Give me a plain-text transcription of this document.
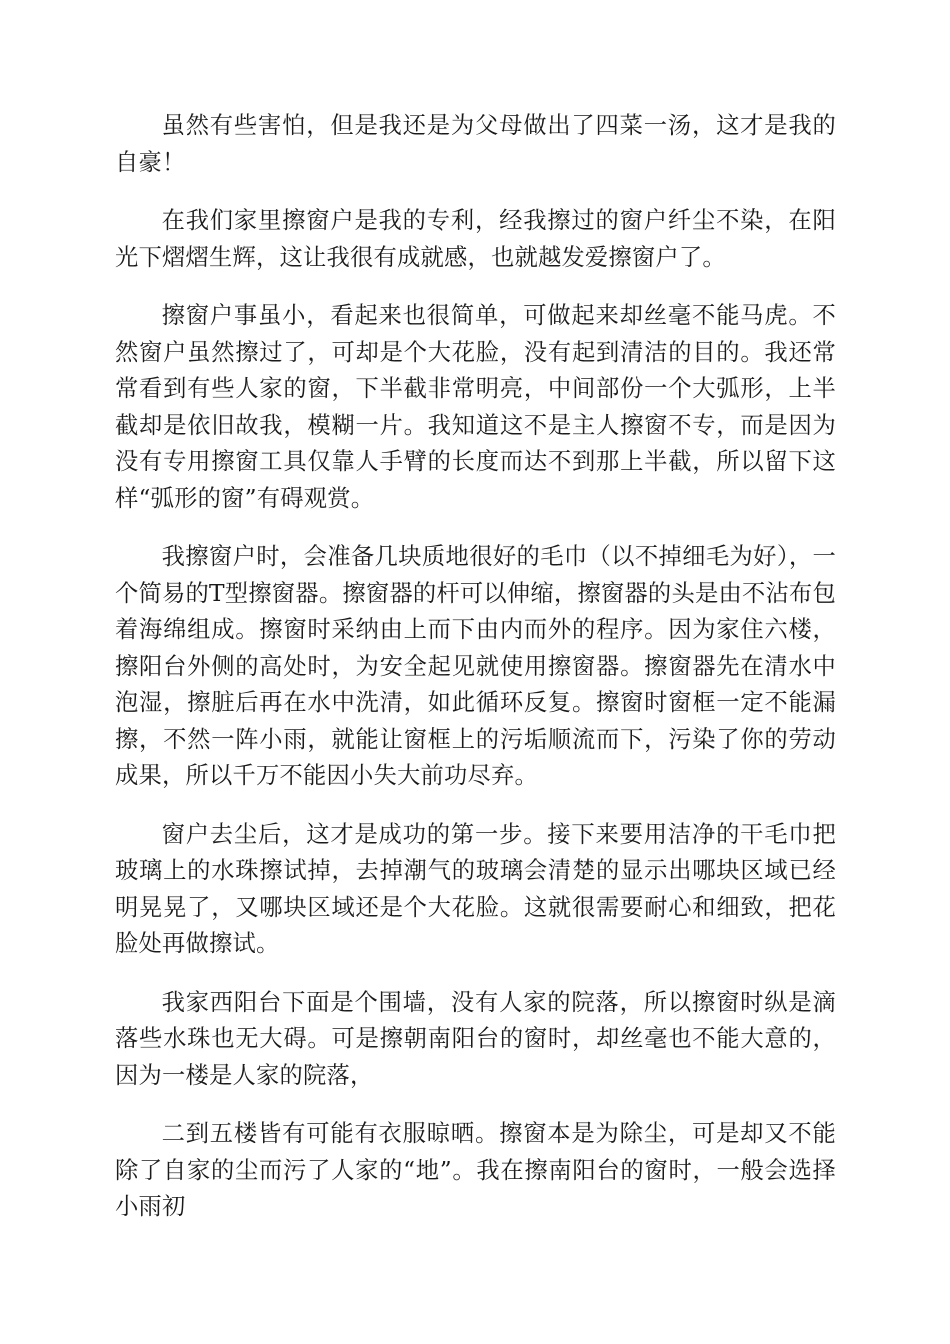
虽然有些害怕，但是我还是为父母做出了四菜一汤，这才是我的自豪！

在我们家里擦窗户是我的专利，经我擦过的窗户纤尘不染，在阳光下熠熠生辉，这让我很有成就感，也就越发爱擦窗户了。

擦窗户事虽小，看起来也很简单，可做起来却丝毫不能马虎。不然窗户虽然擦过了，可却是个大花脸，没有起到清洁的目的。我还常常看到有些人家的窗，下半截非常明亮，中间部份一个大弧形，上半截却是依旧故我，模糊一片。我知道这不是主人擦窗不专，而是因为没有专用擦窗工具仅靠人手臂的长度而达不到那上半截，所以留下这样“弧形的窗”有碍观赏。

我擦窗户时，会准备几块质地很好的毛巾（以不掉细毛为好），一个简易的T型擦窗器。擦窗器的杆可以伸缩，擦窗器的头是由不沾布包着海绵组成。擦窗时采纳由上而下由内而外的程序。因为家住六楼，擦阳台外侧的高处时，为安全起见就使用擦窗器。擦窗器先在清水中泡湿，擦脏后再在水中洗清，如此循环反复。擦窗时窗框一定不能漏擦，不然一阵小雨，就能让窗框上的污垢顺流而下，污染了你的劳动成果，所以千万不能因小失大前功尽弃。

窗户去尘后，这才是成功的第一步。接下来要用洁净的干毛巾把玻璃上的水珠擦试掉，去掉潮气的玻璃会清楚的显示出哪块区域已经明晃晃了，又哪块区域还是个大花脸。这就很需要耐心和细致，把花脸处再做擦试。

我家西阳台下面是个围墙，没有人家的院落，所以擦窗时纵是滴落些水珠也无大碍。可是擦朝南阳台的窗时，却丝毫也不能大意的，因为一楼是人家的院落，

二到五楼皆有可能有衣服晾晒。擦窗本是为除尘，可是却又不能除了自家的尘而污了人家的“地”。我在擦南阳台的窗时，一般会选择小雨初
